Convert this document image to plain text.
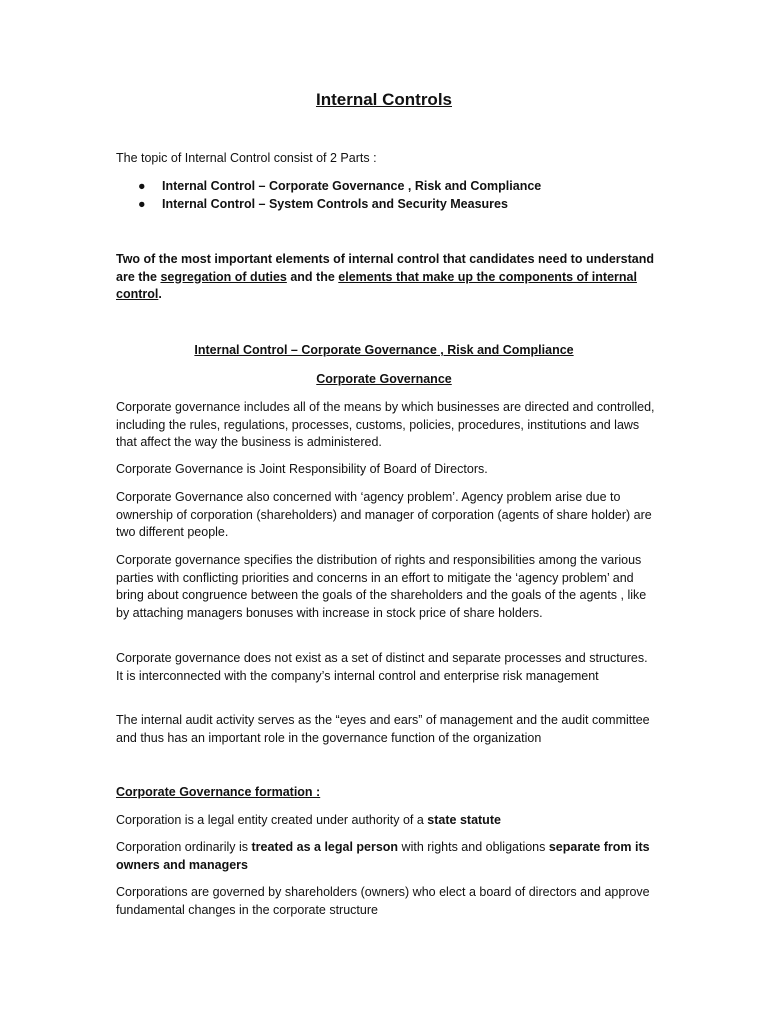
Internal Controls

The topic of Internal Control consist of 2 Parts :

● Internal Control – Corporate Governance , Risk and Compliance
● Internal Control – System Controls and Security Measures

Two of the most important elements of internal control that candidates need to understand are the segregation of duties and the elements that make up the components of internal control.

Internal Control – Corporate Governance , Risk and Compliance

Corporate Governance

Corporate governance includes all of the means by which businesses are directed and controlled, including the rules, regulations, processes, customs, policies, procedures, institutions and laws that affect the way the business is administered.

Corporate Governance is Joint Responsibility of Board of Directors.

Corporate Governance also concerned with ‘agency problem’. Agency problem arise due to ownership of corporation (shareholders) and manager of corporation (agents of share holder) are two different people.

Corporate governance specifies the distribution of rights and responsibilities among the various parties with conflicting priorities and concerns in an effort to mitigate the ‘agency problem’ and bring about congruence between the goals of the shareholders and the goals of the agents , like by attaching managers bonuses with increase in stock price of share holders.

Corporate governance does not exist as a set of distinct and separate processes and structures. It is interconnected with the company’s internal control and enterprise risk management

The internal audit activity serves as the “eyes and ears” of management and the audit committee and thus has an important role in the governance function of the organization

Corporate Governance formation :

Corporation is a legal entity created under authority of a state statute

Corporation ordinarily is treated as a legal person with rights and obligations separate from its owners and managers

Corporations are governed by shareholders (owners) who elect a board of directors and approve fundamental changes in the corporate structure
